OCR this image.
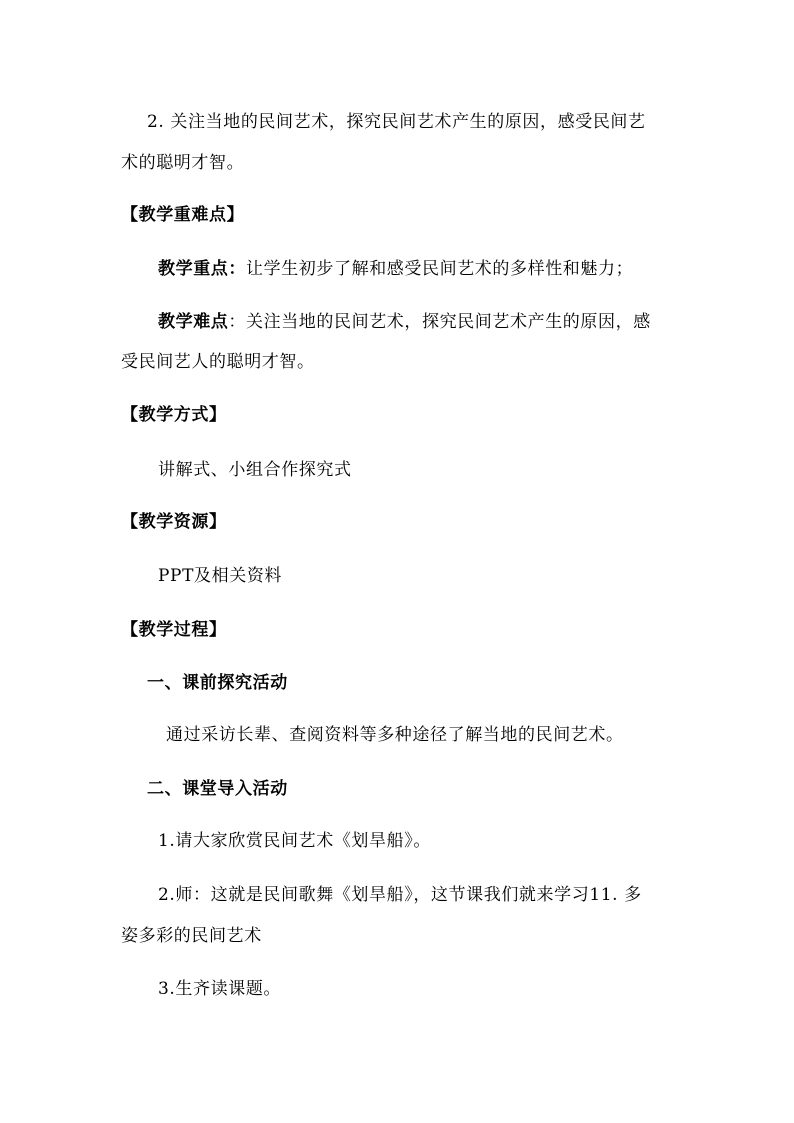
2. 关注当地的民间艺术，探究民间艺术产生的原因，感受民间艺
术的聪明才智。
【教学重难点】
教学重点：让学生初步了解和感受民间艺术的多样性和魅力；
教学难点：关注当地的民间艺术，探究民间艺术产生的原因，感
受民间艺人的聪明才智。
【教学方式】
讲解式、小组合作探究式
【教学资源】
PPT及相关资料
【教学过程】
一、课前探究活动
通过采访长辈、查阅资料等多种途径了解当地的民间艺术。
二、课堂导入活动
1.请大家欣赏民间艺术《划旱船》。
2.师：这就是民间歌舞《划旱船》，这节课我们就来学习11. 多
姿多彩的民间艺术
3.生齐读课题。
